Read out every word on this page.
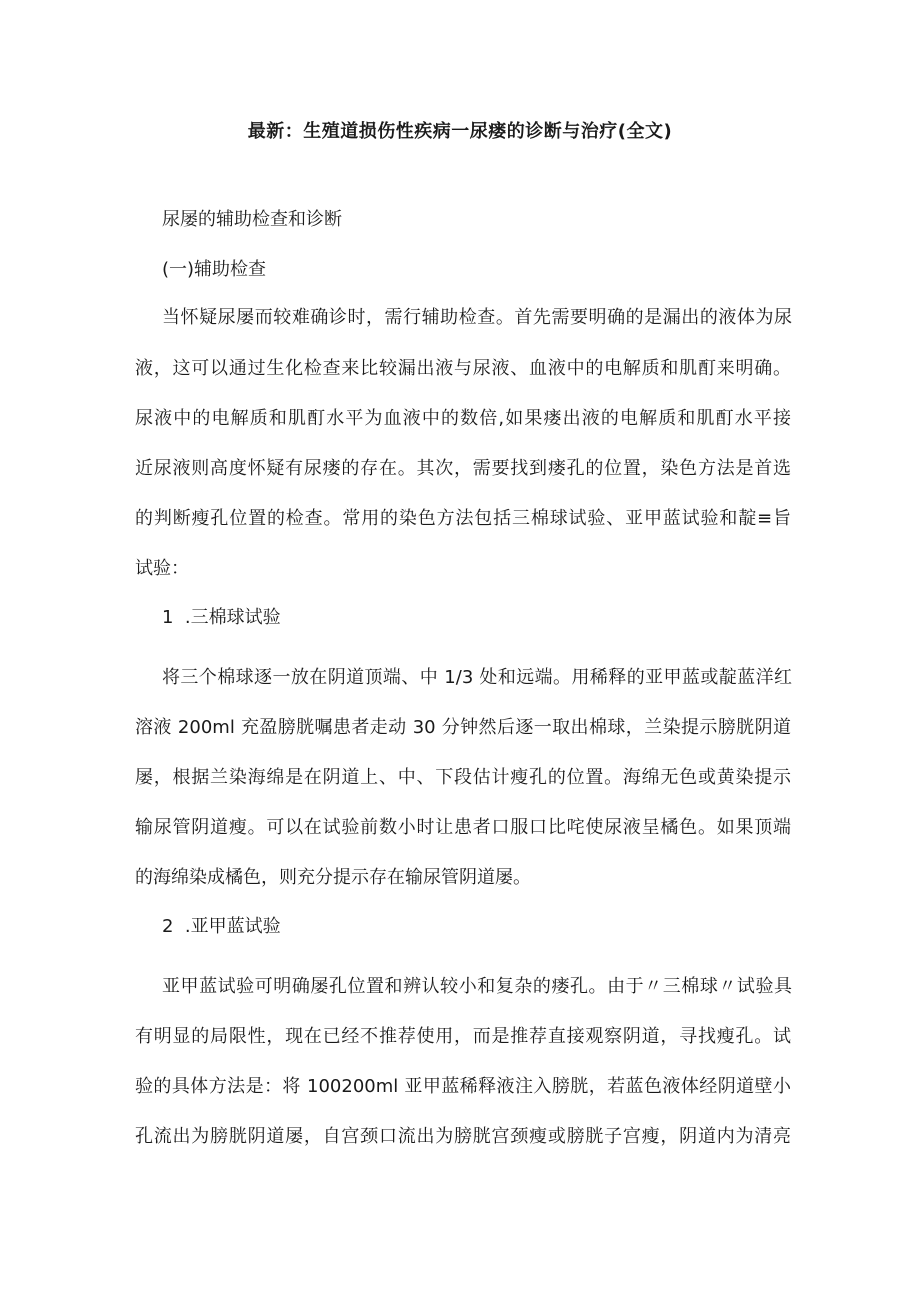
最新：生殖道损伤性疾病一尿瘘的诊断与治疗(全文)

尿屡的辅助检查和诊断

(一)辅助检查

当怀疑尿屡而较难确诊时，需行辅助检查。首先需要明确的是漏出的液体为尿

液，这可以通过生化检查来比较漏出液与尿液、血液中的电解质和肌酊来明确。

尿液中的电解质和肌酊水平为血液中的数倍,如果瘘出液的电解质和肌酊水平接

近尿液则高度怀疑有尿瘘的存在。其次，需要找到瘘孔的位置，染色方法是首选

的判断瘦孔位置的检查。常用的染色方法包括三棉球试验、亚甲蓝试验和靛≡旨

试验：

1  .三棉球试验

将三个棉球逐一放在阴道顶端、中 1/3 处和远端。用稀释的亚甲蓝或靛蓝洋红

溶液 200ml 充盈膀胱嘱患者走动 30 分钟然后逐一取出棉球，兰染提示膀胱阴道

屡，根据兰染海绵是在阴道上、中、下段估计瘦孔的位置。海绵无色或黄染提示

输尿管阴道瘦。可以在试验前数小时让患者口服口比咤使尿液呈橘色。如果顶端

的海绵染成橘色，则充分提示存在输尿管阴道屡。

2  .亚甲蓝试验

亚甲蓝试验可明确屡孔位置和辨认较小和复杂的瘘孔。由于〃三棉球〃试验具

有明显的局限性，现在已经不推荐使用，而是推荐直接观察阴道，寻找瘦孔。试

验的具体方法是：将 100200ml 亚甲蓝稀释液注入膀胱，若蓝色液体经阴道壁小

孔流出为膀胱阴道屡，自宫颈口流出为膀胱宫颈瘦或膀胱子宫瘦，阴道内为清亮
